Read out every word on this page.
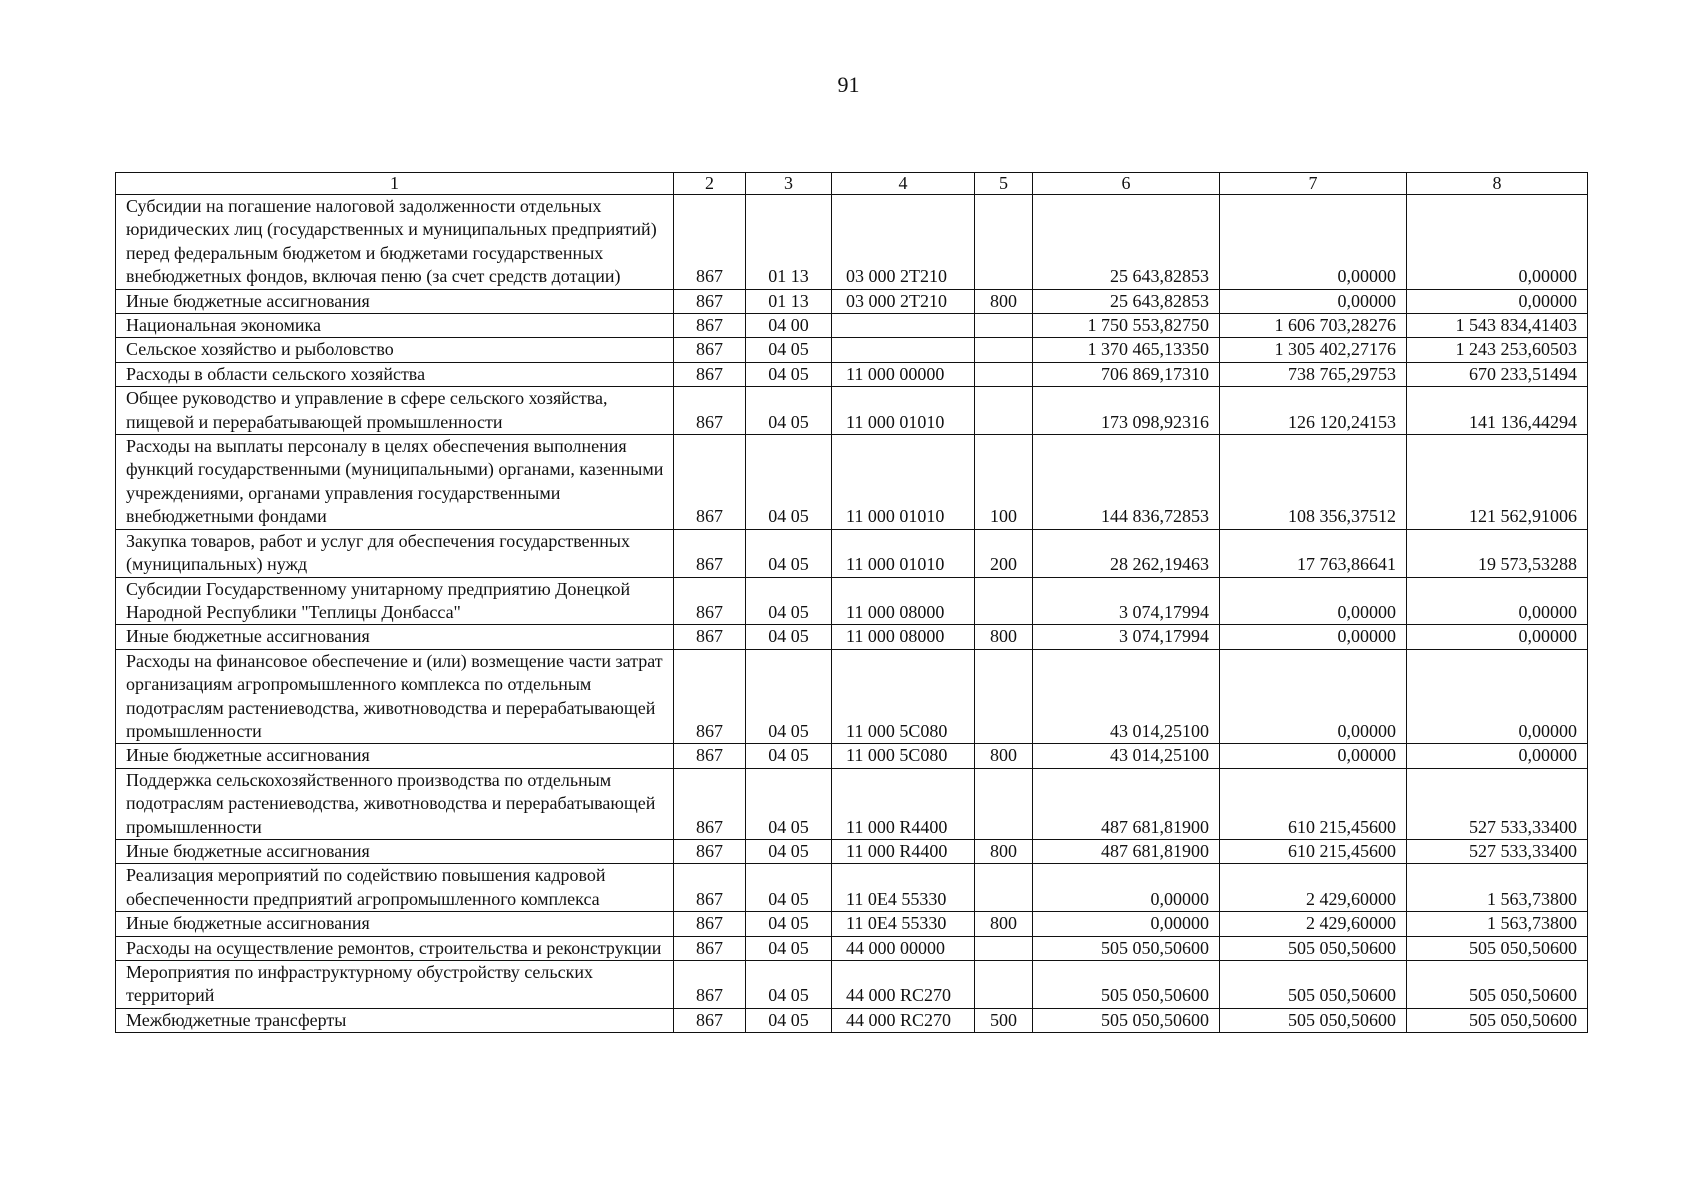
91
1	2	3	4	5	6	7	8
Субсидии на погашение налоговой задолженности отдельных юридических лиц (государственных и муниципальных предприятий) перед федеральным бюджетом и бюджетами государственных внебюджетных фондов, включая пеню (за счет средств дотации)	867	01 13	03 000 2T210		25 643,82853	0,00000	0,00000
Иные бюджетные ассигнования	867	01 13	03 000 2T210	800	25 643,82853	0,00000	0,00000
Национальная экономика	867	04 00			1 750 553,82750	1 606 703,28276	1 543 834,41403
Сельское хозяйство и рыболовство	867	04 05			1 370 465,13350	1 305 402,27176	1 243 253,60503
Расходы в области сельского хозяйства	867	04 05	11 000 00000		706 869,17310	738 765,29753	670 233,51494
Общее руководство и управление в сфере сельского хозяйства, пищевой и перерабатывающей промышленности	867	04 05	11 000 01010		173 098,92316	126 120,24153	141 136,44294
Расходы на выплаты персоналу в целях обеспечения выполнения функций государственными (муниципальными) органами, казенными учреждениями, органами управления государственными внебюджетными фондами	867	04 05	11 000 01010	100	144 836,72853	108 356,37512	121 562,91006
Закупка товаров, работ и услуг для обеспечения государственных (муниципальных) нужд	867	04 05	11 000 01010	200	28 262,19463	17 763,86641	19 573,53288
Субсидии Государственному унитарному предприятию Донецкой Народной Республики "Теплицы Донбасса"	867	04 05	11 000 08000		3 074,17994	0,00000	0,00000
Иные бюджетные ассигнования	867	04 05	11 000 08000	800	3 074,17994	0,00000	0,00000
Расходы на финансовое обеспечение и (или) возмещение части затрат организациям агропромышленного комплекса по отдельным подотраслям растениеводства, животноводства и перерабатывающей промышленности	867	04 05	11 000 5C080		43 014,25100	0,00000	0,00000
Иные бюджетные ассигнования	867	04 05	11 000 5C080	800	43 014,25100	0,00000	0,00000
Поддержка сельскохозяйственного производства по отдельным подотраслям растениеводства, животноводства и перерабатывающей промышленности	867	04 05	11 000 R4400		487 681,81900	610 215,45600	527 533,33400
Иные бюджетные ассигнования	867	04 05	11 000 R4400	800	487 681,81900	610 215,45600	527 533,33400
Реализация мероприятий по содействию повышения кадровой обеспеченности предприятий агропромышленного комплекса	867	04 05	11 0E4 55330		0,00000	2 429,60000	1 563,73800
Иные бюджетные ассигнования	867	04 05	11 0E4 55330	800	0,00000	2 429,60000	1 563,73800
Расходы на осуществление ремонтов, строительства и реконструкции	867	04 05	44 000 00000		505 050,50600	505 050,50600	505 050,50600
Мероприятия по инфраструктурному обустройству сельских территорий	867	04 05	44 000 RC270		505 050,50600	505 050,50600	505 050,50600
Межбюджетные трансферты	867	04 05	44 000 RC270	500	505 050,50600	505 050,50600	505 050,50600
